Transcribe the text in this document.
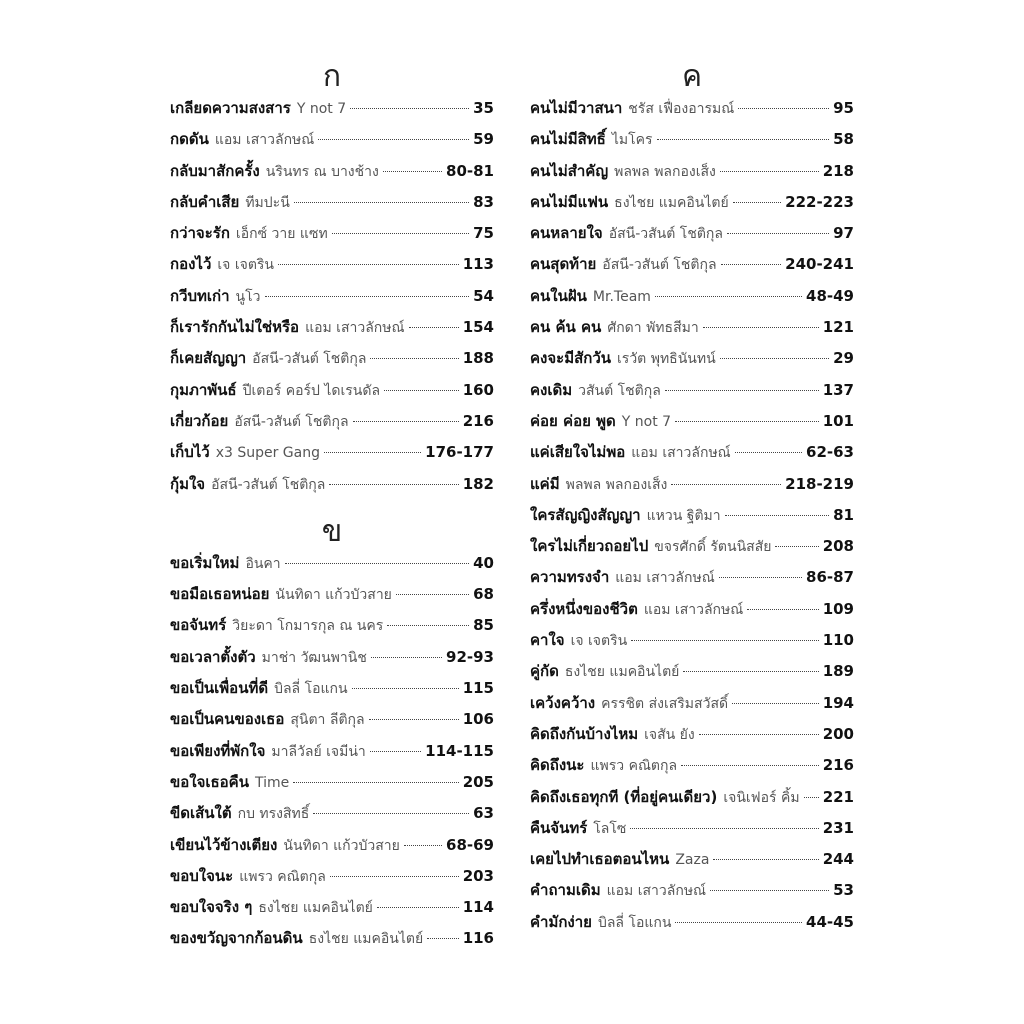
ก
เกลียดความสงสาร Y not 7	35
กดดัน แอม เสาวลักษณ์	59
กลับมาสักครั้ง นรินทร ณ บางช้าง	80-81
กลับคำเสีย ทีมปะนี	83
กว่าจะรัก เอ็กซ์ วาย แซท	75
กองไว้ เจ เจตริน	113
กวีบทเก่า นูโว	54
ก็เรารักกันไม่ใช่หรือ แอม เสาวลักษณ์	154
ก็เคยสัญญา อัสนี-วสันต์ โชติกุล	188
กุมภาพันธ์ ปีเตอร์ คอร์ป ไดเรนดัล	160
เกี่ยวก้อย อัสนี-วสันต์ โชติกุล	216
เก็บไว้ x3 Super Gang	176-177
กุ้มใจ อัสนี-วสันต์ โชติกุล	182
ข
ขอเริ่มใหม่ อินคา	40
ขอมือเธอหน่อย นันทิดา แก้วบัวสาย	68
ขอจันทร์ วิยะดา โกมารกุล ณ นคร	85
ขอเวลาตั้งตัว มาช่า วัฒนพานิช	92-93
ขอเป็นเพื่อนที่ดี บิลลี่ โอแกน	115
ขอเป็นคนของเธอ สุนิตา ลีติกุล	106
ขอเพียงที่พักใจ มาลีวัลย์ เจมีน่า	114-115
ขอใจเธอคืน Time	205
ขีดเส้นใต้ กบ ทรงสิทธิ์	63
เขียนไว้ข้างเตียง นันทิดา แก้วบัวสาย	68-69
ขอบใจนะ แพรว คณิตกุล	203
ขอบใจจริง ๆ ธงไชย แมคอินไตย์	114
ของขวัญจากก้อนดิน ธงไชย แมคอินไตย์	116
ค
คนไม่มีวาสนา ชรัส เฟื่องอารมณ์	95
คนไม่มีสิทธิ์ ไมโคร	58
คนไม่สำคัญ พลพล พลกองเส็ง	218
คนไม่มีแฟน ธงไชย แมคอินไตย์	222-223
คนหลายใจ อัสนี-วสันต์ โชติกุล	97
คนสุดท้าย อัสนี-วสันต์ โชติกุล	240-241
คนในฝัน Mr.Team	48-49
คน ค้น คน ศักดา พัทธสีมา	121
คงจะมีสักวัน เรวัต พุทธินันทน์	29
คงเดิม วสันต์ โชติกุล	137
ค่อย ค่อย พูด Y not 7	101
แค่เสียใจไม่พอ แอม เสาวลักษณ์	62-63
แค่มี พลพล พลกองเส็ง	218-219
ใครสัญญิงสัญญา แหวน ฐิติมา	81
ใครไม่เกี่ยวถอยไป ขจรศักดิ์ รัตนนิสสัย	208
ความทรงจำ แอม เสาวลักษณ์	86-87
ครึ่งหนึ่งของชีวิต แอม เสาวลักษณ์	109
คาใจ เจ เจตริน	110
คู่กัด ธงไชย แมคอินไตย์	189
เคว้งคว้าง ครรชิต ส่งเสริมสวัสดิ์	194
คิดถึงกันบ้างไหม เจสัน ยัง	200
คิดถึงนะ แพรว คณิตกุล	216
คิดถึงเธอทุกที (ที่อยู่คนเดียว) เจนิเฟอร์ คิ้ม 221
คืนจันทร์ โลโซ	231
เคยไปทำเธอตอนไหน Zaza	244
คำถามเดิม แอม เสาวลักษณ์	53
คำมักง่าย บิลลี่ โอแกน	44-45
